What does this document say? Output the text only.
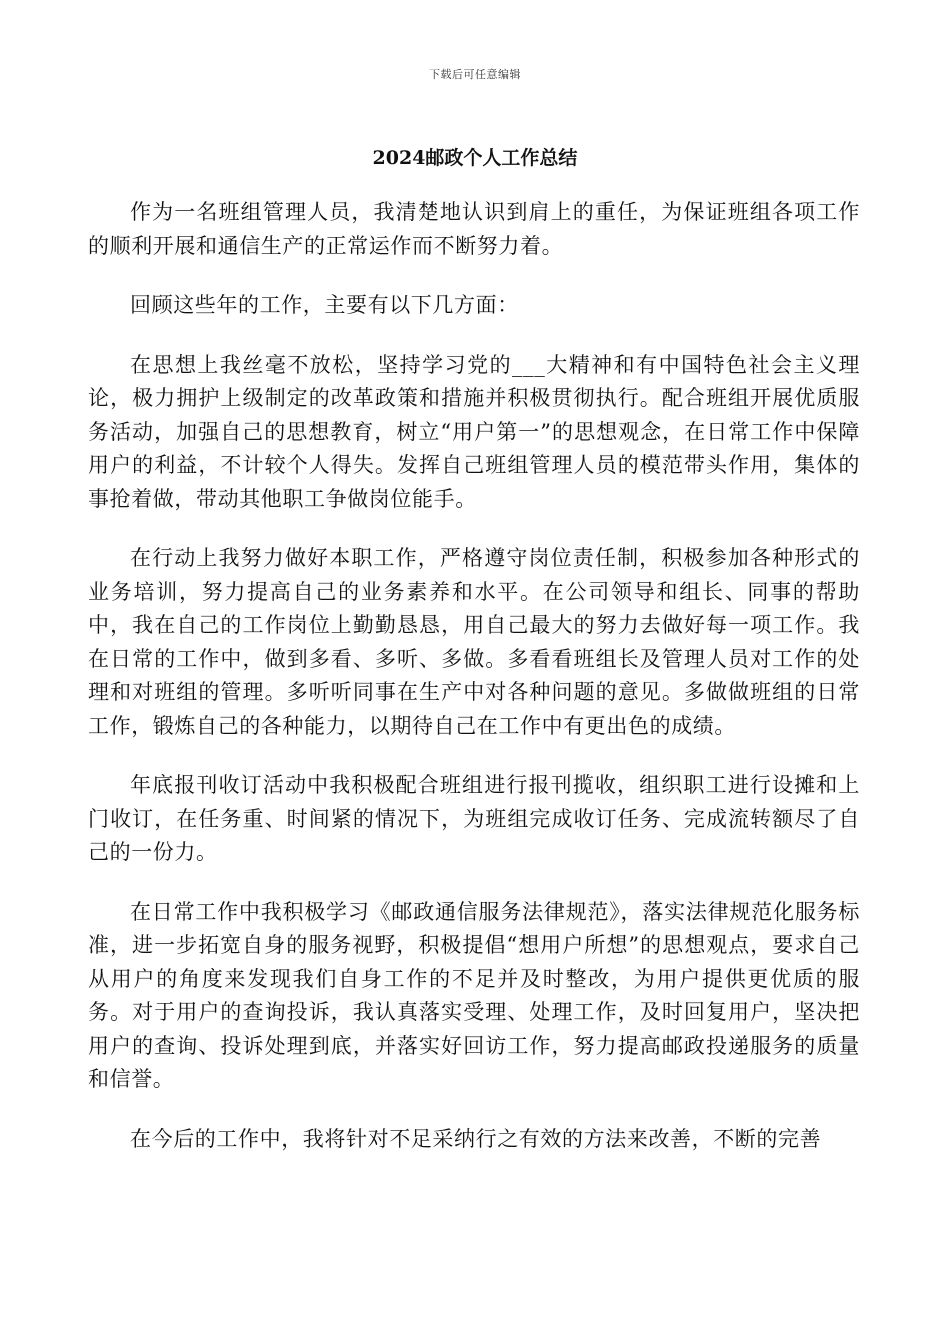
下载后可任意编辑
2024邮政个人工作总结

作为一名班组管理人员，我清楚地认识到肩上的重任，为保证班组各项工作的顺利开展和通信生产的正常运作而不断努力着。

回顾这些年的工作，主要有以下几方面：

在思想上我丝毫不放松，坚持学习党的___大精神和有中国特色社会主义理论，极力拥护上级制定的改革政策和措施并积极贯彻执行。配合班组开展优质服务活动，加强自己的思想教育，树立“用户第一”的思想观念，在日常工作中保障用户的利益，不计较个人得失。发挥自己班组管理人员的模范带头作用，集体的事抢着做，带动其他职工争做岗位能手。

在行动上我努力做好本职工作，严格遵守岗位责任制，积极参加各种形式的业务培训，努力提高自己的业务素养和水平。在公司领导和组长、同事的帮助中，我在自己的工作岗位上勤勤恳恳，用自己最大的努力去做好每一项工作。我在日常的工作中，做到多看、多听、多做。多看看班组长及管理人员对工作的处理和对班组的管理。多听听同事在生产中对各种问题的意见。多做做班组的日常工作，锻炼自己的各种能力，以期待自己在工作中有更出色的成绩。

年底报刊收订活动中我积极配合班组进行报刊揽收，组织职工进行设摊和上门收订，在任务重、时间紧的情况下，为班组完成收订任务、完成流转额尽了自己的一份力。

在日常工作中我积极学习《邮政通信服务法律规范》，落实法律规范化服务标准，进一步拓宽自身的服务视野，积极提倡“想用户所想”的思想观点，要求自己从用户的角度来发现我们自身工作的不足并及时整改，为用户提供更优质的服务。对于用户的查询投诉，我认真落实受理、处理工作，及时回复用户，坚决把用户的查询、投诉处理到底，并落实好回访工作，努力提高邮政投递服务的质量和信誉。

在今后的工作中，我将针对不足采纳行之有效的方法来改善，不断的完善
